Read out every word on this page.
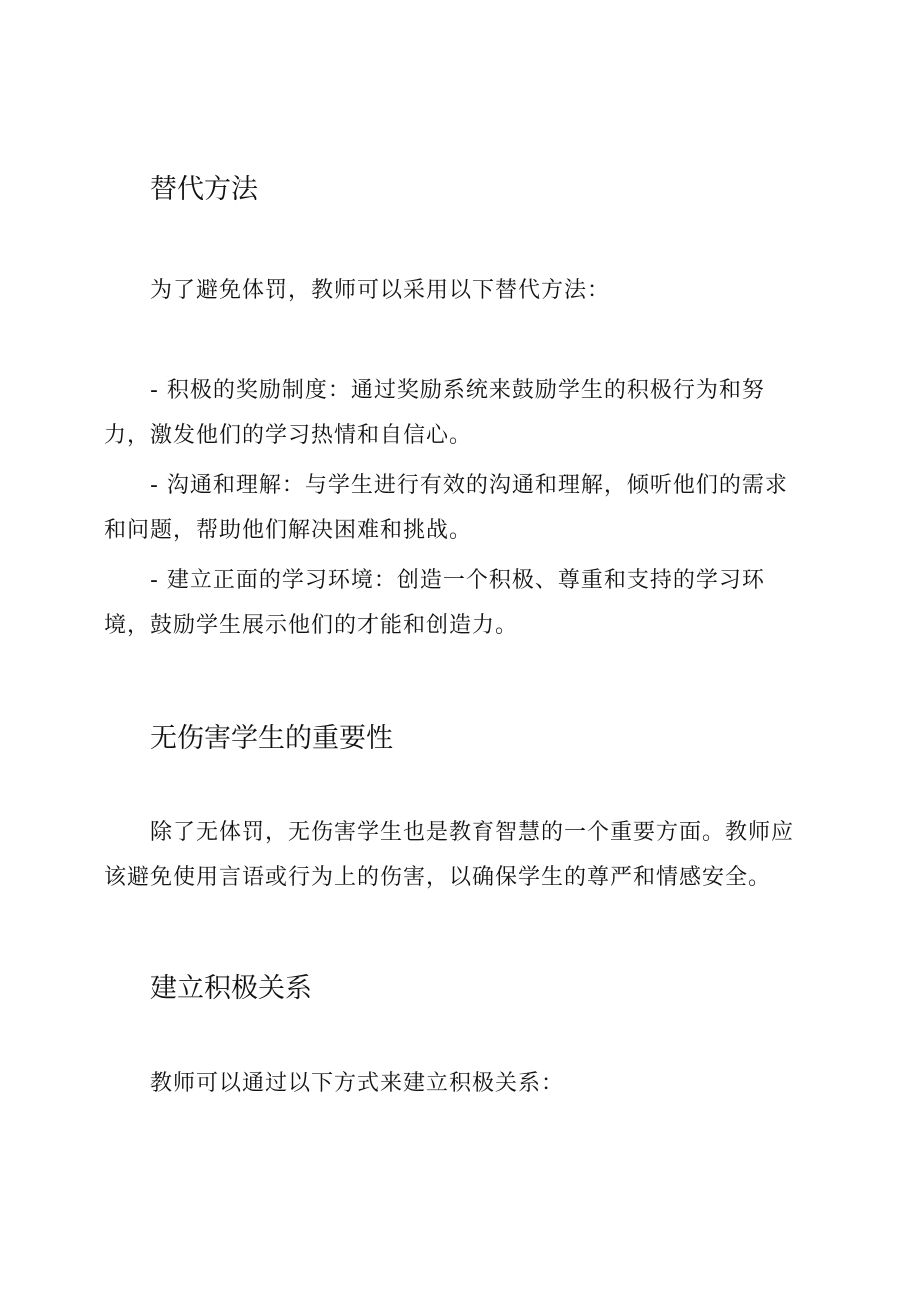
替代方法

为了避免体罚，教师可以采用以下替代方法：

- 积极的奖励制度：通过奖励系统来鼓励学生的积极行为和努力，激发他们的学习热情和自信心。

- 沟通和理解：与学生进行有效的沟通和理解，倾听他们的需求和问题，帮助他们解决困难和挑战。

- 建立正面的学习环境：创造一个积极、尊重和支持的学习环境，鼓励学生展示他们的才能和创造力。

无伤害学生的重要性

除了无体罚，无伤害学生也是教育智慧的一个重要方面。教师应该避免使用言语或行为上的伤害，以确保学生的尊严和情感安全。

建立积极关系

教师可以通过以下方式来建立积极关系：
